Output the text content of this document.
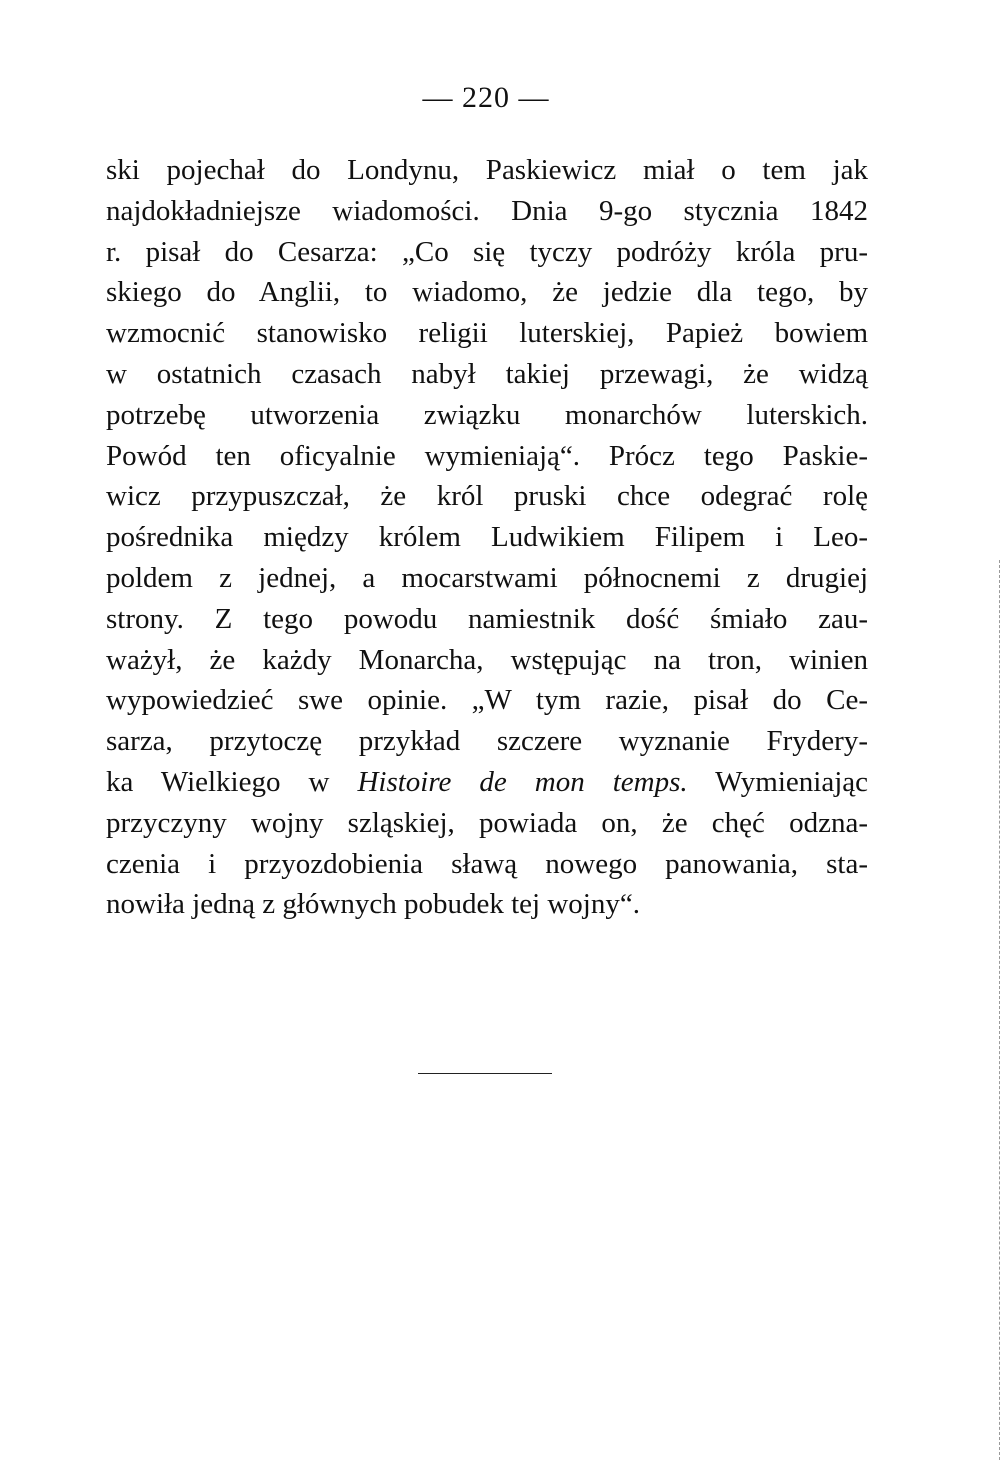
— 220 —
ski pojechał do Londynu, Paskiewicz miał o tem jak
najdokładniejsze wiadomości. Dnia 9-go stycznia 1842
r. pisał do Cesarza: „Co się tyczy podróży króla pru-
skiego do Anglii, to wiadomo, że jedzie dla tego, by
wzmocnić stanowisko religii luterskiej, Papież bowiem
w ostatnich czasach nabył takiej przewagi, że widzą
potrzebę utworzenia związku monarchów luterskich.
Powód ten oficyalnie wymieniają“. Prócz tego Paskie-
wicz przypuszczał, że król pruski chce odegrać rolę
pośrednika między królem Ludwikiem Filipem i Leo-
poldem z jednej, a mocarstwami północnemi z drugiej
strony. Z tego powodu namiestnik dość śmiało zau-
ważył, że każdy Monarcha, wstępując na tron, winien
wypowiedzieć swe opinie. „W tym razie, pisał do Ce-
sarza, przytoczę przykład szczere wyznanie Frydery-
ka Wielkiego w Histoire de mon temps. Wymieniając
przyczyny wojny szląskiej, powiada on, że chęć odzna-
czenia i przyozdobienia sławą nowego panowania, sta-
nowiła jedną z głównych pobudek tej wojny“.
